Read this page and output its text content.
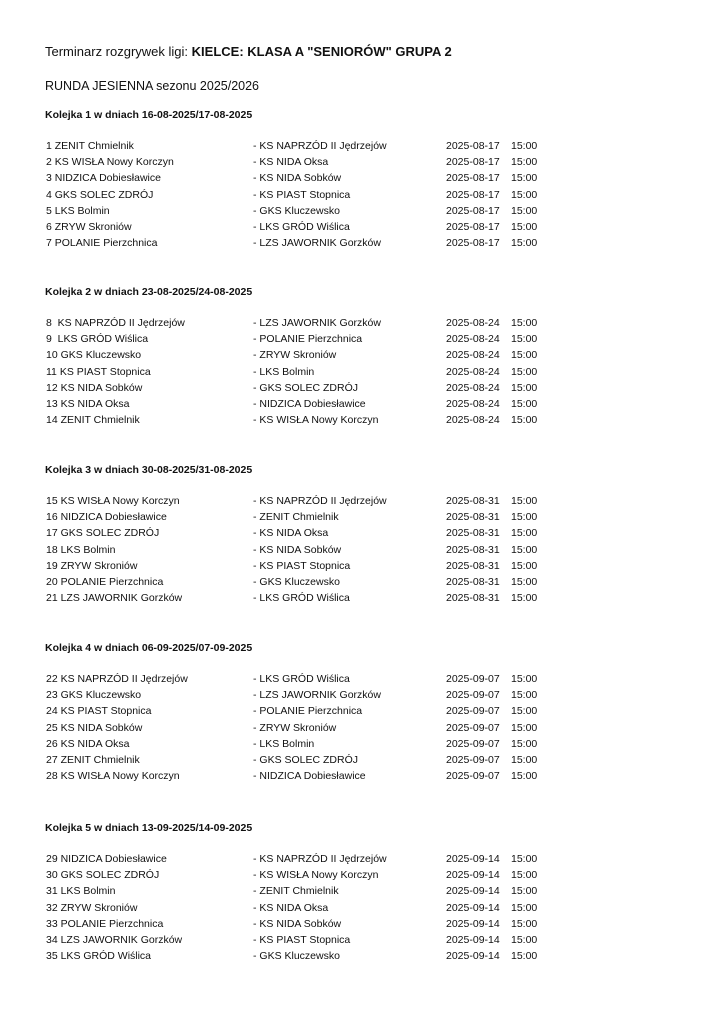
Terminarz rozgrywek ligi: KIELCE: KLASA A "SENIORÓW" GRUPA 2
RUNDA JESIENNA sezonu 2025/2026
Kolejka 1 w dniach 16-08-2025/17-08-2025
1 ZENIT Chmielnik	- KS NAPRZÓD II Jędrzejów	2025-08-17 15:00
2 KS WISŁA Nowy Korczyn	- KS NIDA Oksa	2025-08-17 15:00
3 NIDZICA Dobiesławice	- KS NIDA Sobków	2025-08-17 15:00
4 GKS SOLEC ZDRÓJ	- KS PIAST Stopnica	2025-08-17 15:00
5 LKS Bolmin	- GKS Kluczewsko	2025-08-17 15:00
6 ZRYW Skroniów	- LKS GRÓD Wiślica	2025-08-17 15:00
7 POLANIE Pierzchnica	- LZS JAWORNIK Gorzków	2025-08-17 15:00
Kolejka 2 w dniach 23-08-2025/24-08-2025
8  KS NAPRZÓD II Jędrzejów	- LZS JAWORNIK Gorzków	2025-08-24 15:00
9  LKS GRÓD Wiślica	- POLANIE Pierzchnica	2025-08-24 15:00
10 GKS Kluczewsko	- ZRYW Skroniów	2025-08-24 15:00
11 KS PIAST Stopnica	- LKS Bolmin	2025-08-24 15:00
12 KS NIDA Sobków	- GKS SOLEC ZDRÓJ	2025-08-24 15:00
13 KS NIDA Oksa	- NIDZICA Dobiesławice	2025-08-24 15:00
14 ZENIT Chmielnik	- KS WISŁA Nowy Korczyn	2025-08-24 15:00
Kolejka 3 w dniach 30-08-2025/31-08-2025
15 KS WISŁA Nowy Korczyn	- KS NAPRZÓD II Jędrzejów	2025-08-31 15:00
16 NIDZICA Dobiesławice	- ZENIT Chmielnik	2025-08-31 15:00
17 GKS SOLEC ZDRÓJ	- KS NIDA Oksa	2025-08-31 15:00
18 LKS Bolmin	- KS NIDA Sobków	2025-08-31 15:00
19 ZRYW Skroniów	- KS PIAST Stopnica	2025-08-31 15:00
20 POLANIE Pierzchnica	- GKS Kluczewsko	2025-08-31 15:00
21 LZS JAWORNIK Gorzków	- LKS GRÓD Wiślica	2025-08-31 15:00
Kolejka 4 w dniach 06-09-2025/07-09-2025
22 KS NAPRZÓD II Jędrzejów	- LKS GRÓD Wiślica	2025-09-07 15:00
23 GKS Kluczewsko	- LZS JAWORNIK Gorzków	2025-09-07 15:00
24 KS PIAST Stopnica	- POLANIE Pierzchnica	2025-09-07 15:00
25 KS NIDA Sobków	- ZRYW Skroniów	2025-09-07 15:00
26 KS NIDA Oksa	- LKS Bolmin	2025-09-07 15:00
27 ZENIT Chmielnik	- GKS SOLEC ZDRÓJ	2025-09-07 15:00
28 KS WISŁA Nowy Korczyn	- NIDZICA Dobiesławice	2025-09-07 15:00
Kolejka 5 w dniach 13-09-2025/14-09-2025
29 NIDZICA Dobiesławice	- KS NAPRZÓD II Jędrzejów	2025-09-14 15:00
30 GKS SOLEC ZDRÓJ	- KS WISŁA Nowy Korczyn	2025-09-14 15:00
31 LKS Bolmin	- ZENIT Chmielnik	2025-09-14 15:00
32 ZRYW Skroniów	- KS NIDA Oksa	2025-09-14 15:00
33 POLANIE Pierzchnica	- KS NIDA Sobków	2025-09-14 15:00
34 LZS JAWORNIK Gorzków	- KS PIAST Stopnica	2025-09-14 15:00
35 LKS GRÓD Wiślica	- GKS Kluczewsko	2025-09-14 15:00
